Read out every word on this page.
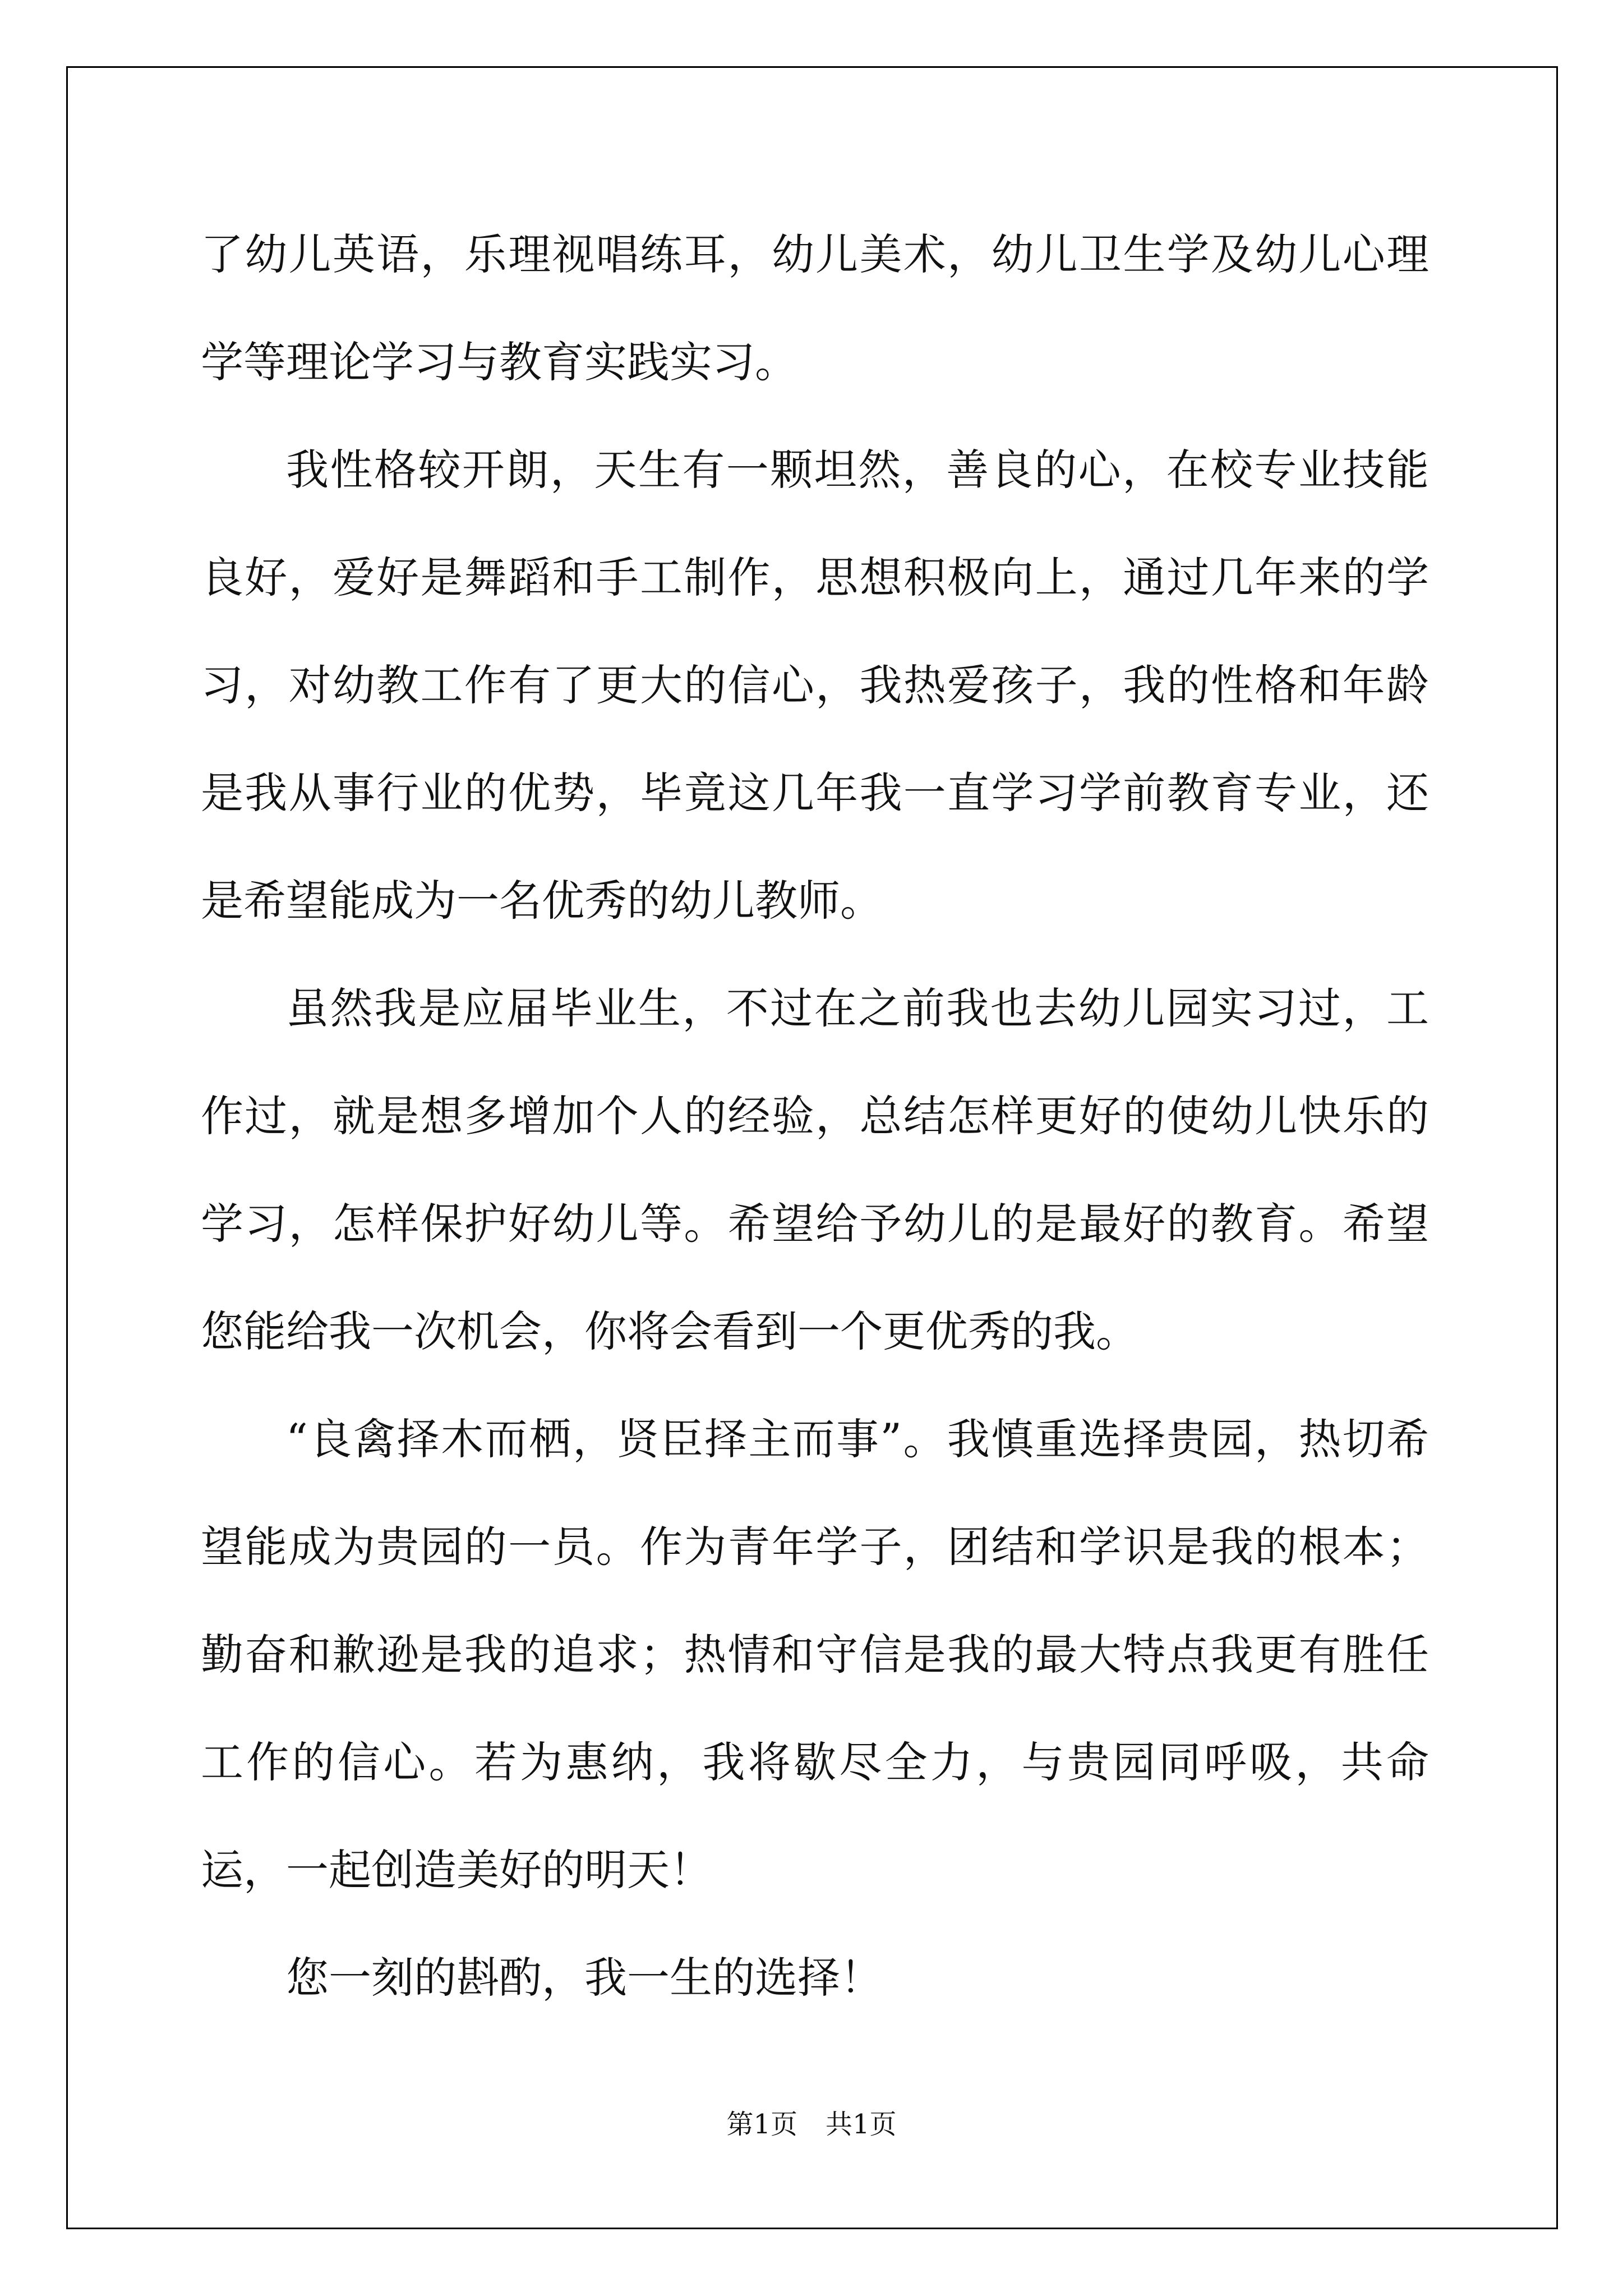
了幼儿英语，乐理视唱练耳，幼儿美术，幼儿卫生学及幼儿心理学等理论学习与教育实践实习。

我性格较开朗，天生有一颗坦然，善良的心，在校专业技能良好，爱好是舞蹈和手工制作，思想积极向上，通过几年来的学习，对幼教工作有了更大的信心，我热爱孩子，我的性格和年龄是我从事行业的优势，毕竟这几年我一直学习学前教育专业，还是希望能成为一名优秀的幼儿教师。

虽然我是应届毕业生，不过在之前我也去幼儿园实习过，工作过，就是想多增加个人的经验，总结怎样更好的使幼儿快乐的学习，怎样保护好幼儿等。希望给予幼儿的是最好的教育。希望您能给我一次机会，你将会看到一个更优秀的我。

“良禽择木而栖，贤臣择主而事”。我慎重选择贵园，热切希望能成为贵园的一员。作为青年学子，团结和学识是我的根本；勤奋和歉逊是我的追求；热情和守信是我的最大特点我更有胜任工作的信心。若为惠纳，我将歇尽全力，与贵园同呼吸，共命运，一起创造美好的明天！

您一刻的斟酌，我一生的选择！

第1页 共1页
